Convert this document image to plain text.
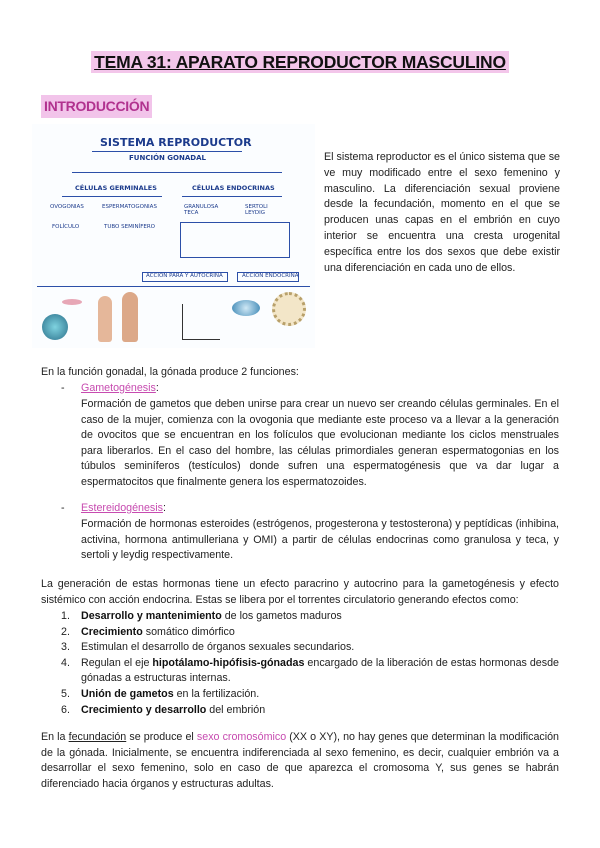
TEMA 31: APARATO REPRODUCTOR MASCULINO
INTRODUCCIÓN
SISTEMA REPRODUCTOR
FUNCIÓN GONADAL
CÉLULAS GERMINALES	CÉLULAS ENDOCRINAS
OVOGONIAS	ESPERMATOGONIAS	GRANULOSA TECA
SERTOLI LEYDIG
FOLÍCULO	TUBO SEMINÍFERO
ACCIÓN PARA Y AUTOCRINA	ACCIÓN ENDOCRINA
El sistema reproductor es el único sistema que se ve muy modificado entre el sexo femenino y masculino. La diferenciación sexual proviene desde la fecundación, momento en el que se producen unas capas en el embrión en cuyo interior se encuentra una cresta urogenital específica entre los dos sexos que debe existir una diferenciación en cada uno de ellos.
En la función gonadal, la gónada produce 2 funciones:
- Gametogénesis:
Formación de gametos que deben unirse para crear un nuevo ser creando células germinales. En el caso de la mujer, comienza con la ovogonia que mediante este proceso va a llevar a la generación de ovocitos que se encuentran en los folículos que evolucionan mediante los ciclos menstruales para liberarlos. En el caso del hombre, las células primordiales generan espermatogonias en los túbulos seminíferos (testículos) donde sufren una espermatogénesis que va dar lugar a espermatocitos que finalmente genera los espermatozoides.
- Estereidogénesis:
Formación de hormonas esteroides (estrógenos, progesterona y testosterona) y peptídicas (inhibina, activina, hormona antimulleriana y OMI) a partir de células endocrinas como granulosa y teca, y sertoli y leydig respectivamente.
La generación de estas hormonas tiene un efecto paracrino y autocrino para la gametogénesis y efecto sistémico con acción endocrina. Estas se libera por el torrentes circulatorio generando efectos como:
1. Desarrollo y mantenimiento de los gametos maduros
2. Crecimiento somático dimórfico
3. Estimulan el desarrollo de órganos sexuales secundarios.
4. Regulan el eje hipotálamo-hipófisis-gónadas encargado de la liberación de estas hormonas desde gónadas a estructuras internas.
5. Unión de gametos en la fertilización.
6. Crecimiento y desarrollo del embrión
En la fecundación se produce el sexo cromosómico (XX o XY), no hay genes que determinan la modificación de la gónada. Inicialmente, se encuentra indiferenciada al sexo femenino, es decir, cualquier embrión va a desarrollar el sexo femenino, solo en caso de que aparezca el cromosoma Y, sus genes se habrán diferenciado hacia órganos y estructuras adultas.
